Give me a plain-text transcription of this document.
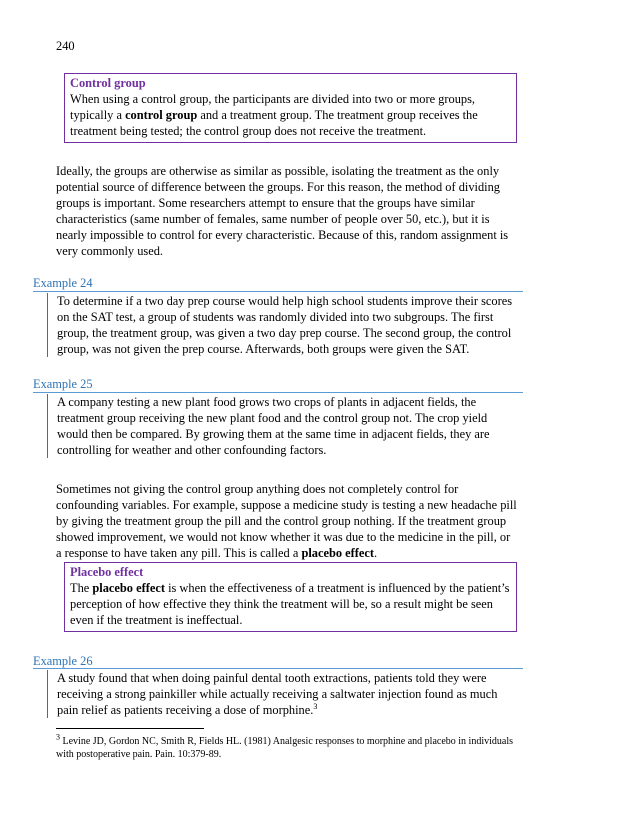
240
Control group
When using a control group, the participants are divided into two or more groups, typically a control group and a treatment group. The treatment group receives the treatment being tested; the control group does not receive the treatment.
Ideally, the groups are otherwise as similar as possible, isolating the treatment as the only potential source of difference between the groups. For this reason, the method of dividing groups is important. Some researchers attempt to ensure that the groups have similar characteristics (same number of females, same number of people over 50, etc.), but it is nearly impossible to control for every characteristic. Because of this, random assignment is very commonly used.
Example 24
To determine if a two day prep course would help high school students improve their scores on the SAT test, a group of students was randomly divided into two subgroups. The first group, the treatment group, was given a two day prep course. The second group, the control group, was not given the prep course. Afterwards, both groups were given the SAT.
Example 25
A company testing a new plant food grows two crops of plants in adjacent fields, the treatment group receiving the new plant food and the control group not. The crop yield would then be compared. By growing them at the same time in adjacent fields, they are controlling for weather and other confounding factors.
Sometimes not giving the control group anything does not completely control for confounding variables. For example, suppose a medicine study is testing a new headache pill by giving the treatment group the pill and the control group nothing. If the treatment group showed improvement, we would not know whether it was due to the medicine in the pill, or a response to have taken any pill. This is called a placebo effect.
Placebo effect
The placebo effect is when the effectiveness of a treatment is influenced by the patient’s perception of how effective they think the treatment will be, so a result might be seen even if the treatment is ineffectual.
Example 26
A study found that when doing painful dental tooth extractions, patients told they were receiving a strong painkiller while actually receiving a saltwater injection found as much pain relief as patients receiving a dose of morphine.$^3$
$^3$ Levine JD, Gordon NC, Smith R, Fields HL. (1981) Analgesic responses to morphine and placebo in individuals with postoperative pain. Pain. 10:379-89.
